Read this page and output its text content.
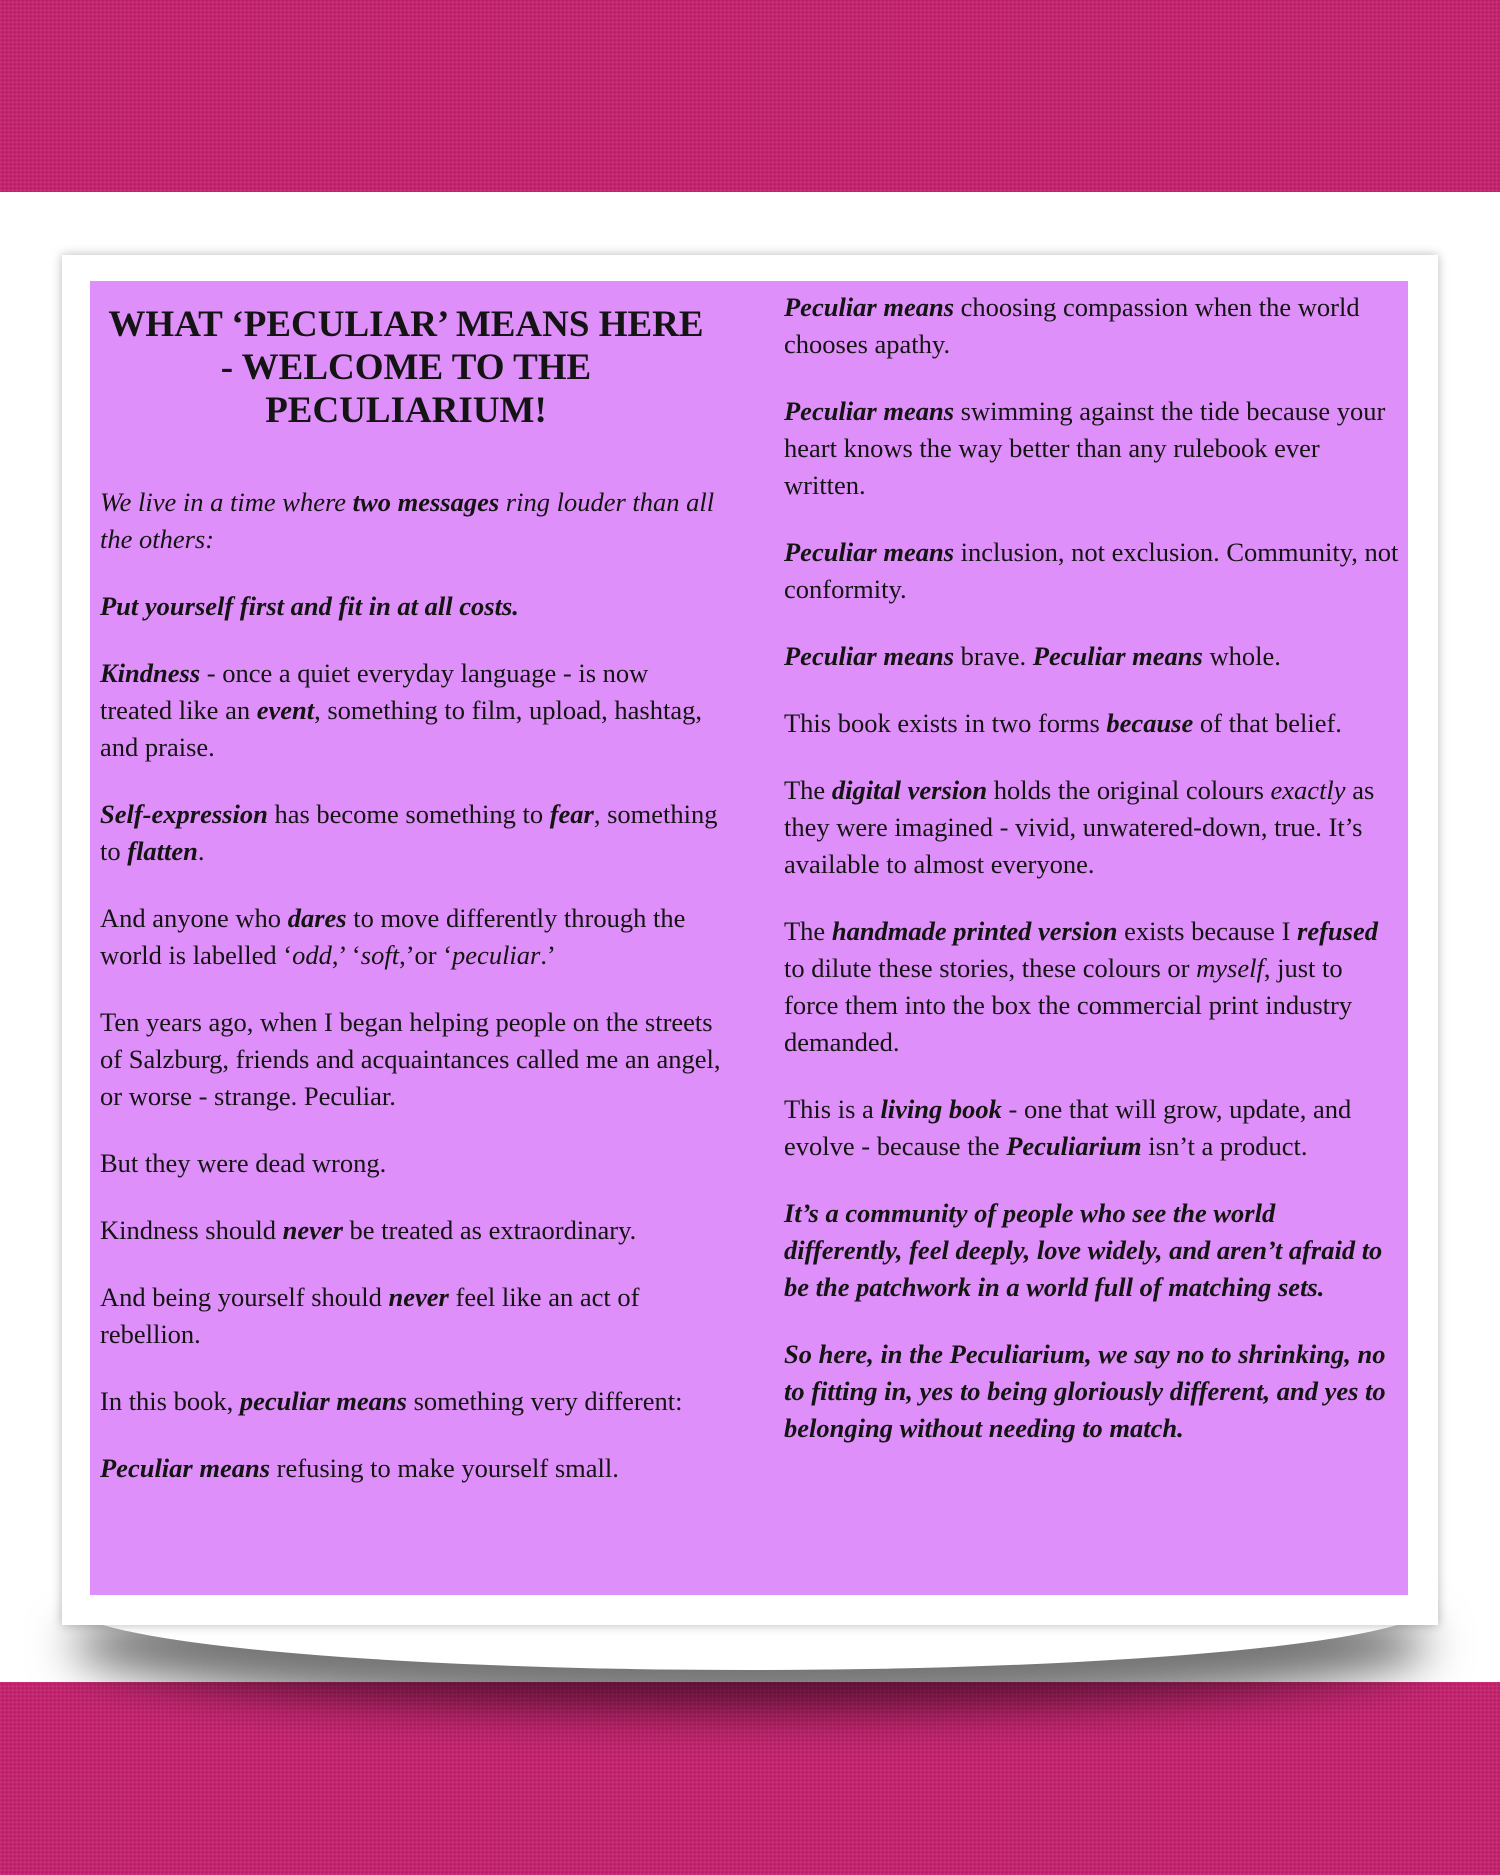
WHAT ‘PECULIAR’ MEANS HERE - WELCOME TO THE PECULIARIUM!

We live in a time where two messages ring louder than all the others:

Put yourself first and fit in at all costs.

Kindness - once a quiet everyday language - is now treated like an event, something to film, upload, hashtag, and praise.

Self-expression has become something to fear, something to flatten.

And anyone who dares to move differently through the world is labelled ‘odd,’ ‘soft,’or ‘peculiar.’

Ten years ago, when I began helping people on the streets of Salzburg, friends and acquaintances called me an angel, or worse - strange. Peculiar.

But they were dead wrong.

Kindness should never be treated as extraordinary.

And being yourself should never feel like an act of rebellion.

In this book, peculiar means something very different:

Peculiar means refusing to make yourself small.

Peculiar means choosing compassion when the world chooses apathy.

Peculiar means swimming against the tide because your heart knows the way better than any rulebook ever written.

Peculiar means inclusion, not exclusion. Community, not conformity.

Peculiar means brave. Peculiar means whole.

This book exists in two forms because of that belief.

The digital version holds the original colours exactly as they were imagined - vivid, unwatered-down, true. It’s available to almost everyone.

The handmade printed version exists because I refused to dilute these stories, these colours or myself, just to force them into the box the commercial print industry demanded.

This is a living book - one that will grow, update, and evolve - because the Peculiarium isn’t a product.

It’s a community of people who see the world differently, feel deeply, love widely, and aren’t afraid to be the patchwork in a world full of matching sets.

So here, in the Peculiarium, we say no to shrinking, no to fitting in, yes to being gloriously different, and yes to belonging without needing to match.
